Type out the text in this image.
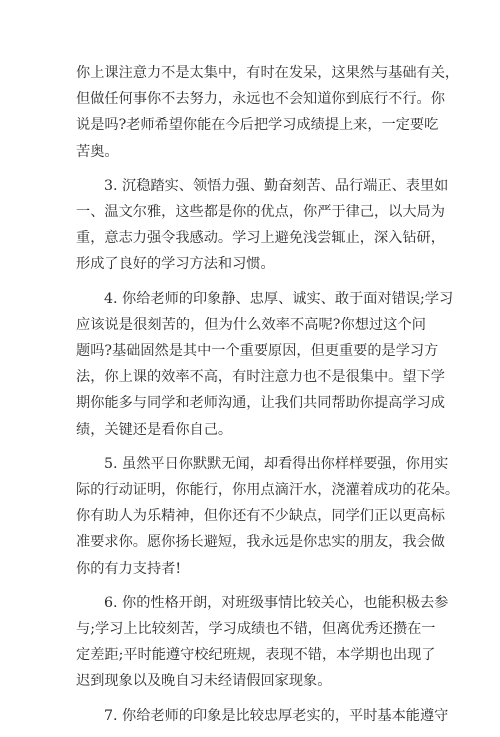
你上课注意力不是太集中，有时在发呆，这果然与基础有关，
但做任何事你不去努力，永远也不会知道你到底行不行。你
说是吗?老师希望你能在今后把学习成绩提上来，一定要吃
苦奥。
3. 沉稳踏实、领悟力强、勤奋刻苦、品行端正、表里如
一、温文尔雅，这些都是你的优点，你严于律己，以大局为
重，意志力强令我感动。学习上避免浅尝辄止，深入钻研，
形成了良好的学习方法和习惯。
4. 你给老师的印象静、忠厚、诚实、敢于面对错误;学习
应该说是很刻苦的，但为什么效率不高呢?你想过这个问
题吗?基础固然是其中一个重要原因，但更重要的是学习方
法，你上课的效率不高，有时注意力也不是很集中。望下学
期你能多与同学和老师沟通，让我们共同帮助你提高学习成
绩，关键还是看你自己。
5. 虽然平日你默默无闻，却看得出你样样要强，你用实
际的行动证明，你能行，你用点滴汗水，浇灌着成功的花朵。
你有助人为乐精神，但你还有不少缺点，同学们正以更高标
准要求你。愿你扬长避短，我永远是你忠实的朋友，我会做
你的有力支持者!
6. 你的性格开朗，对班级事情比较关心，也能积极去参
与;学习上比较刻苦，学习成绩也不错，但离优秀还攒在一
定差距;平时能遵守校纪班规，表现不错，本学期也出现了
迟到现象以及晚自习未经请假回家现象。
7. 你给老师的印象是比较忠厚老实的，平时基本能遵守
